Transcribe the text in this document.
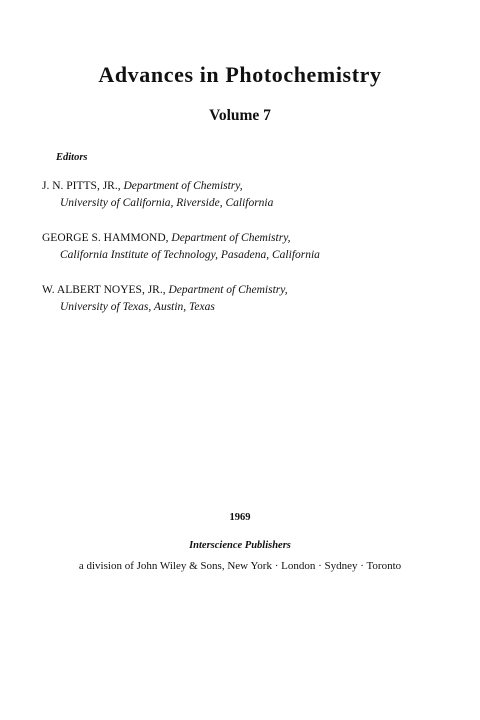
Advances in Photochemistry
Volume 7
Editors
J. N. PITTS, JR., Department of Chemistry,
University of California, Riverside, California
GEORGE S. HAMMOND, Department of Chemistry,
California Institute of Technology, Pasadena, California
W. ALBERT NOYES, JR., Department of Chemistry,
University of Texas, Austin, Texas
1969
Interscience Publishers
a division of John Wiley & Sons, New York · London · Sydney · Toronto
